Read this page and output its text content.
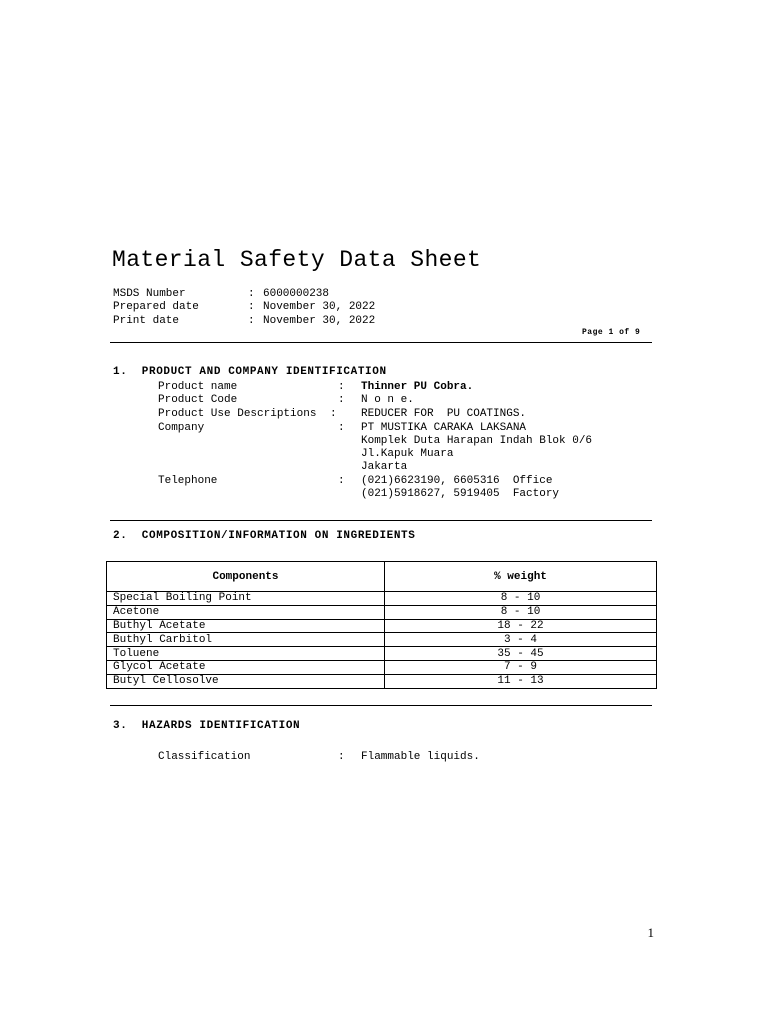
Material Safety Data Sheet
MSDS Number	: 6000000238
Prepared date	: November 30, 2022
Print date	: November 30, 2022
Page 1 of 9
1.  PRODUCT AND COMPANY IDENTIFICATION
Product name	: Thinner PU Cobra.
Product Code	: N o n e.
Product Use Descriptions : REDUCER FOR  PU COATINGS.
Company	: PT MUSTIKA CARAKA LAKSANA
Komplek Duta Harapan Indah Blok 0/6
Jl.Kapuk Muara
Jakarta
Telephone	: (021)6623190, 6605316  Office
(021)5918627, 5919405  Factory
2.  COMPOSITION/INFORMATION ON INGREDIENTS
Components	% weight
Special Boiling Point	8 - 10
Acetone	8 - 10
Buthyl Acetate	18 - 22
Buthyl Carbitol	3 - 4
Toluene	35 - 45
Glycol Acetate	7 - 9
Butyl Cellosolve	11 - 13
3.  HAZARDS IDENTIFICATION
Classification	: Flammable liquids.
1
